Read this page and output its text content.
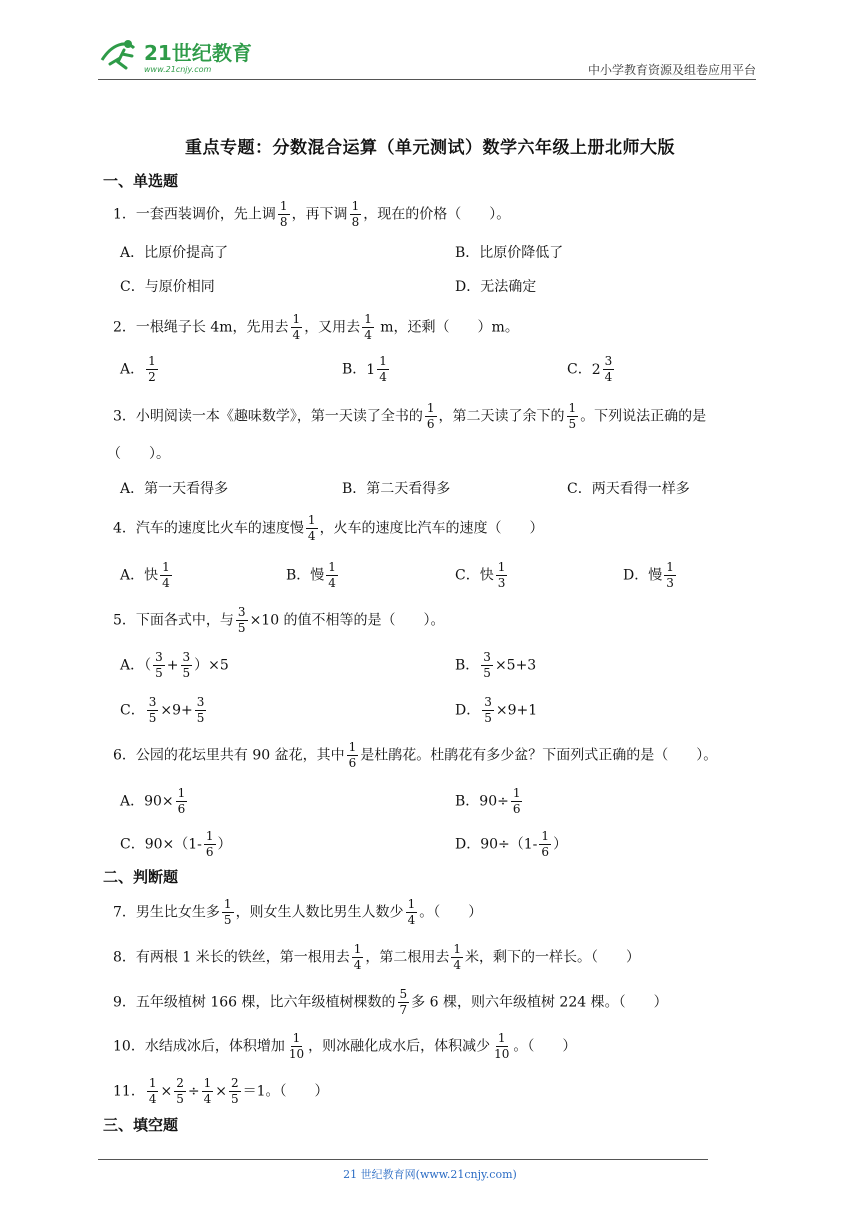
21世纪教育
www.21cnjy.com	中小学教育资源及组卷应用平台
重点专题：分数混合运算（单元测试）数学六年级上册北师大版
一、单选题
1．一套西装调价，先上调 $\frac{1}{8}$ ，再下调 $\frac{1}{8}$ ，现在的价格（　　）。
A．比原价提高了	B．比原价降低了
C．与原价相同	D．无法确定
2．一根绳子长 4m，先用去 $\frac{1}{4}$ ，又用去 $\frac{1}{4}$ m，还剩（　　）m。
A． $\frac{1}{2}$	B． $1 \frac{1}{4}$	C． $2 \frac{3}{4}$
3．小明阅读一本《趣味数学》，第一天读了全书的 $\frac{1}{6}$ ，第二天读了余下的 $\frac{1}{5}$ 。下列说法正确的是
（　　）。
A．第一天看得多	B．第二天看得多	C．两天看得一样多
4．汽车的速度比火车的速度慢 $\frac{1}{4}$ ，火车的速度比汽车的速度（　　）
A．快 $\frac{1}{4}$	B．慢 $\frac{1}{4}$	C．快 $\frac{1}{3}$	D．慢 $\frac{1}{3}$
5．下面各式中，与 $\frac{3}{5} \times 10$ 的值不相等的是（　　）。
A．（ $\frac{3}{5} + \frac{3}{5} )\times 5$	B． $\frac{3}{5} \times 5+3$
C． $\frac{3}{5} \times 9+ \frac{3}{5}$	D． $\frac{3}{5} \times 9+1$
6．公园的花坛里共有 90 盆花，其中 $\frac{1}{6}$ 是杜鹃花。杜鹃花有多少盆？下面列式正确的是（　　）。
A．$90\times \frac{1}{6}$	B．$90\div \frac{1}{6}$
C．$90\times(1- \frac{1}{6}$ ）	D．$90\div(1- \frac{1}{6}$ ）
二、判断题
7．男生比女生多 $\frac{1}{5}$ ，则女生人数比男生人数少 $\frac{1}{4}$ 。（　　）
8．有两根 1 米长的铁丝，第一根用去 $\frac{1}{4}$ ，第二根用去 $\frac{1}{4}$ 米，剩下的一样长。（　　）
9．五年级植树 166 棵，比六年级植树棵数的 $\frac{5}{7}$ 多 6 棵，则六年级植树 224 棵。（　　）
10．水结成冰后，体积增加 $\frac{1}{10}$ ，则冰融化成水后，体积减少 $\frac{1}{10}$ 。（　　）
11． $\frac{1}{4} \times \frac{2}{5} \div \frac{1}{4} \times \frac{2}{5} =1$。（　　）
三、填空题
21 世纪教育网(www.21cnjy.com)
